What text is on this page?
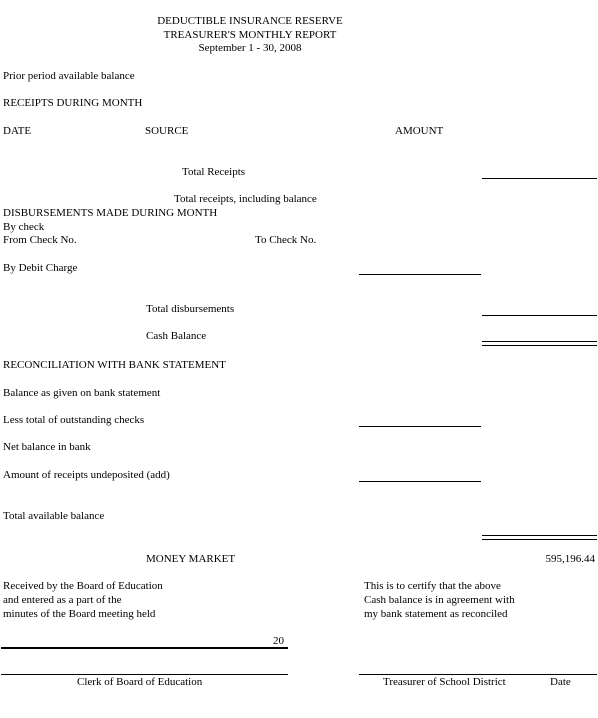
DEDUCTIBLE INSURANCE RESERVE
TREASURER'S MONTHLY REPORT
September 1 - 30, 2008
Prior period available balance
RECEIPTS DURING MONTH
DATE	SOURCE	AMOUNT
Total Receipts
Total receipts, including balance
DISBURSEMENTS MADE DURING MONTH
By check
From Check No.	To Check No.
By Debit Charge
Total disbursements
Cash Balance
RECONCILIATION WITH BANK STATEMENT
Balance as given on bank statement
Less total of outstanding checks
Net balance in bank
Amount of receipts undeposited (add)
Total available balance
MONEY MARKET	595,196.44
Received by the Board of Education
and entered as a part of the
minutes of the Board meeting held
20
Clerk of Board of Education
This is to certify that the above
Cash balance is in agreement with
my bank statement as reconciled
Treasurer of School District	Date
